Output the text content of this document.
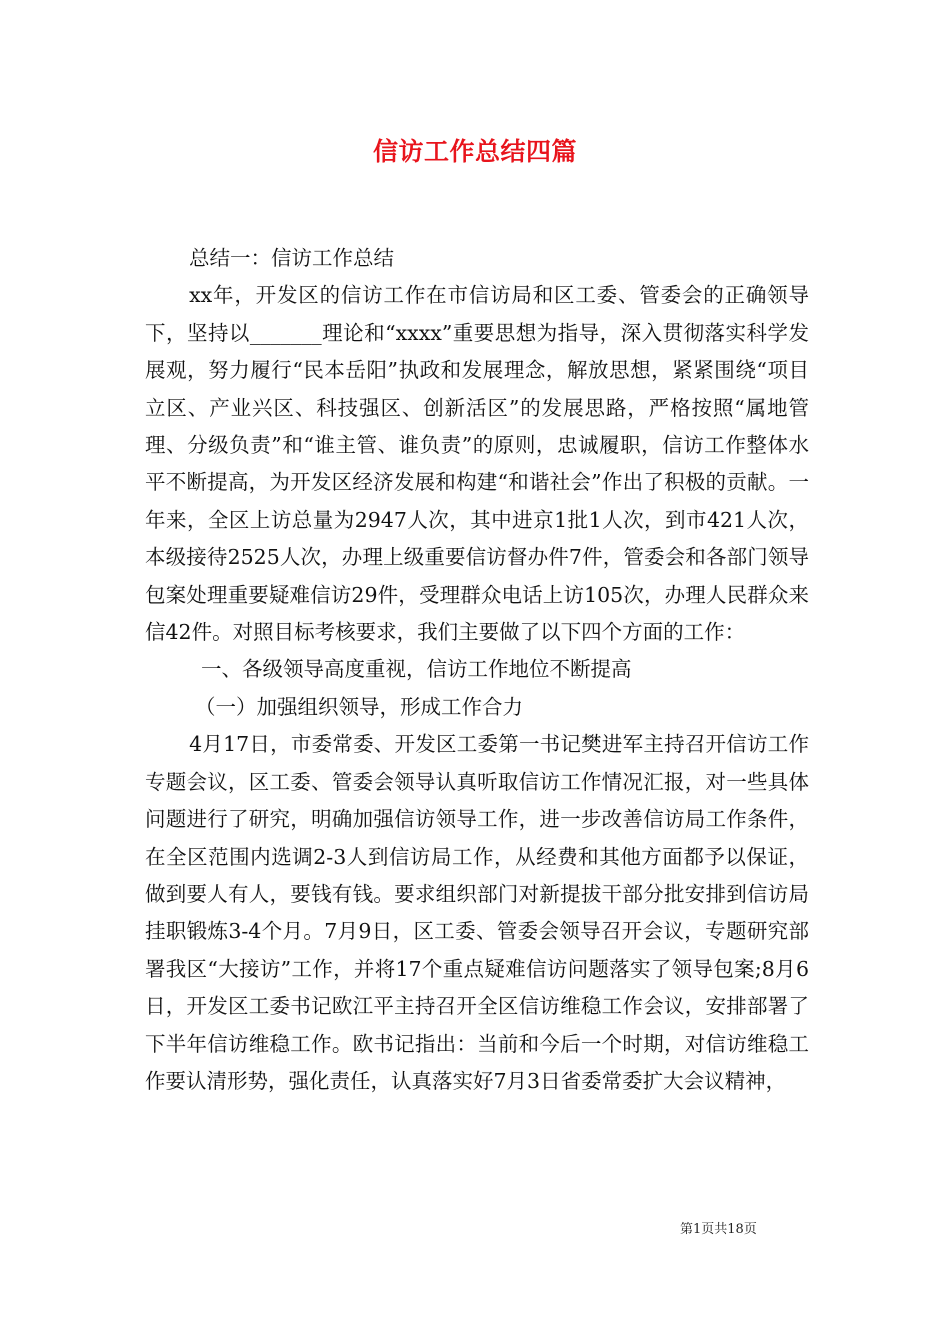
信访工作总结四篇

总结一：信访工作总结

xx年，开发区的信访工作在市信访局和区工委、管委会的正确领导下，坚持以_______理论和“xxxx”重要思想为指导，深入贯彻落实科学发展观，努力履行“民本岳阳”执政和发展理念，解放思想，紧紧围绕“项目立区、产业兴区、科技强区、创新活区”的发展思路，严格按照“属地管理、分级负责”和“谁主管、谁负责”的原则，忠诚履职，信访工作整体水平不断提高，为开发区经济发展和构建“和谐社会”作出了积极的贡献。一年来，全区上访总量为2947人次，其中进京1批1人次，到市421人次，本级接待2525人次，办理上级重要信访督办件7件，管委会和各部门领导包案处理重要疑难信访29件，受理群众电话上访105次，办理人民群众来信42件。对照目标考核要求，我们主要做了以下四个方面的工作：

一、各级领导高度重视，信访工作地位不断提高

（一）加强组织领导，形成工作合力

4月17日，市委常委、开发区工委第一书记樊进军主持召开信访工作专题会议，区工委、管委会领导认真听取信访工作情况汇报，对一些具体问题进行了研究，明确加强信访领导工作，进一步改善信访局工作条件，在全区范围内选调2-3人到信访局工作，从经费和其他方面都予以保证，做到要人有人，要钱有钱。要求组织部门对新提拔干部分批安排到信访局挂职锻炼3-4个月。7月9日，区工委、管委会领导召开会议，专题研究部署我区“大接访”工作，并将17个重点疑难信访问题落实了领导包案;8月6日，开发区工委书记欧江平主持召开全区信访维稳工作会议，安排部署了下半年信访维稳工作。欧书记指出：当前和今后一个时期，对信访维稳工作要认清形势，强化责任，认真落实好7月3日省委常委扩大会议精神，

第1页共18页
